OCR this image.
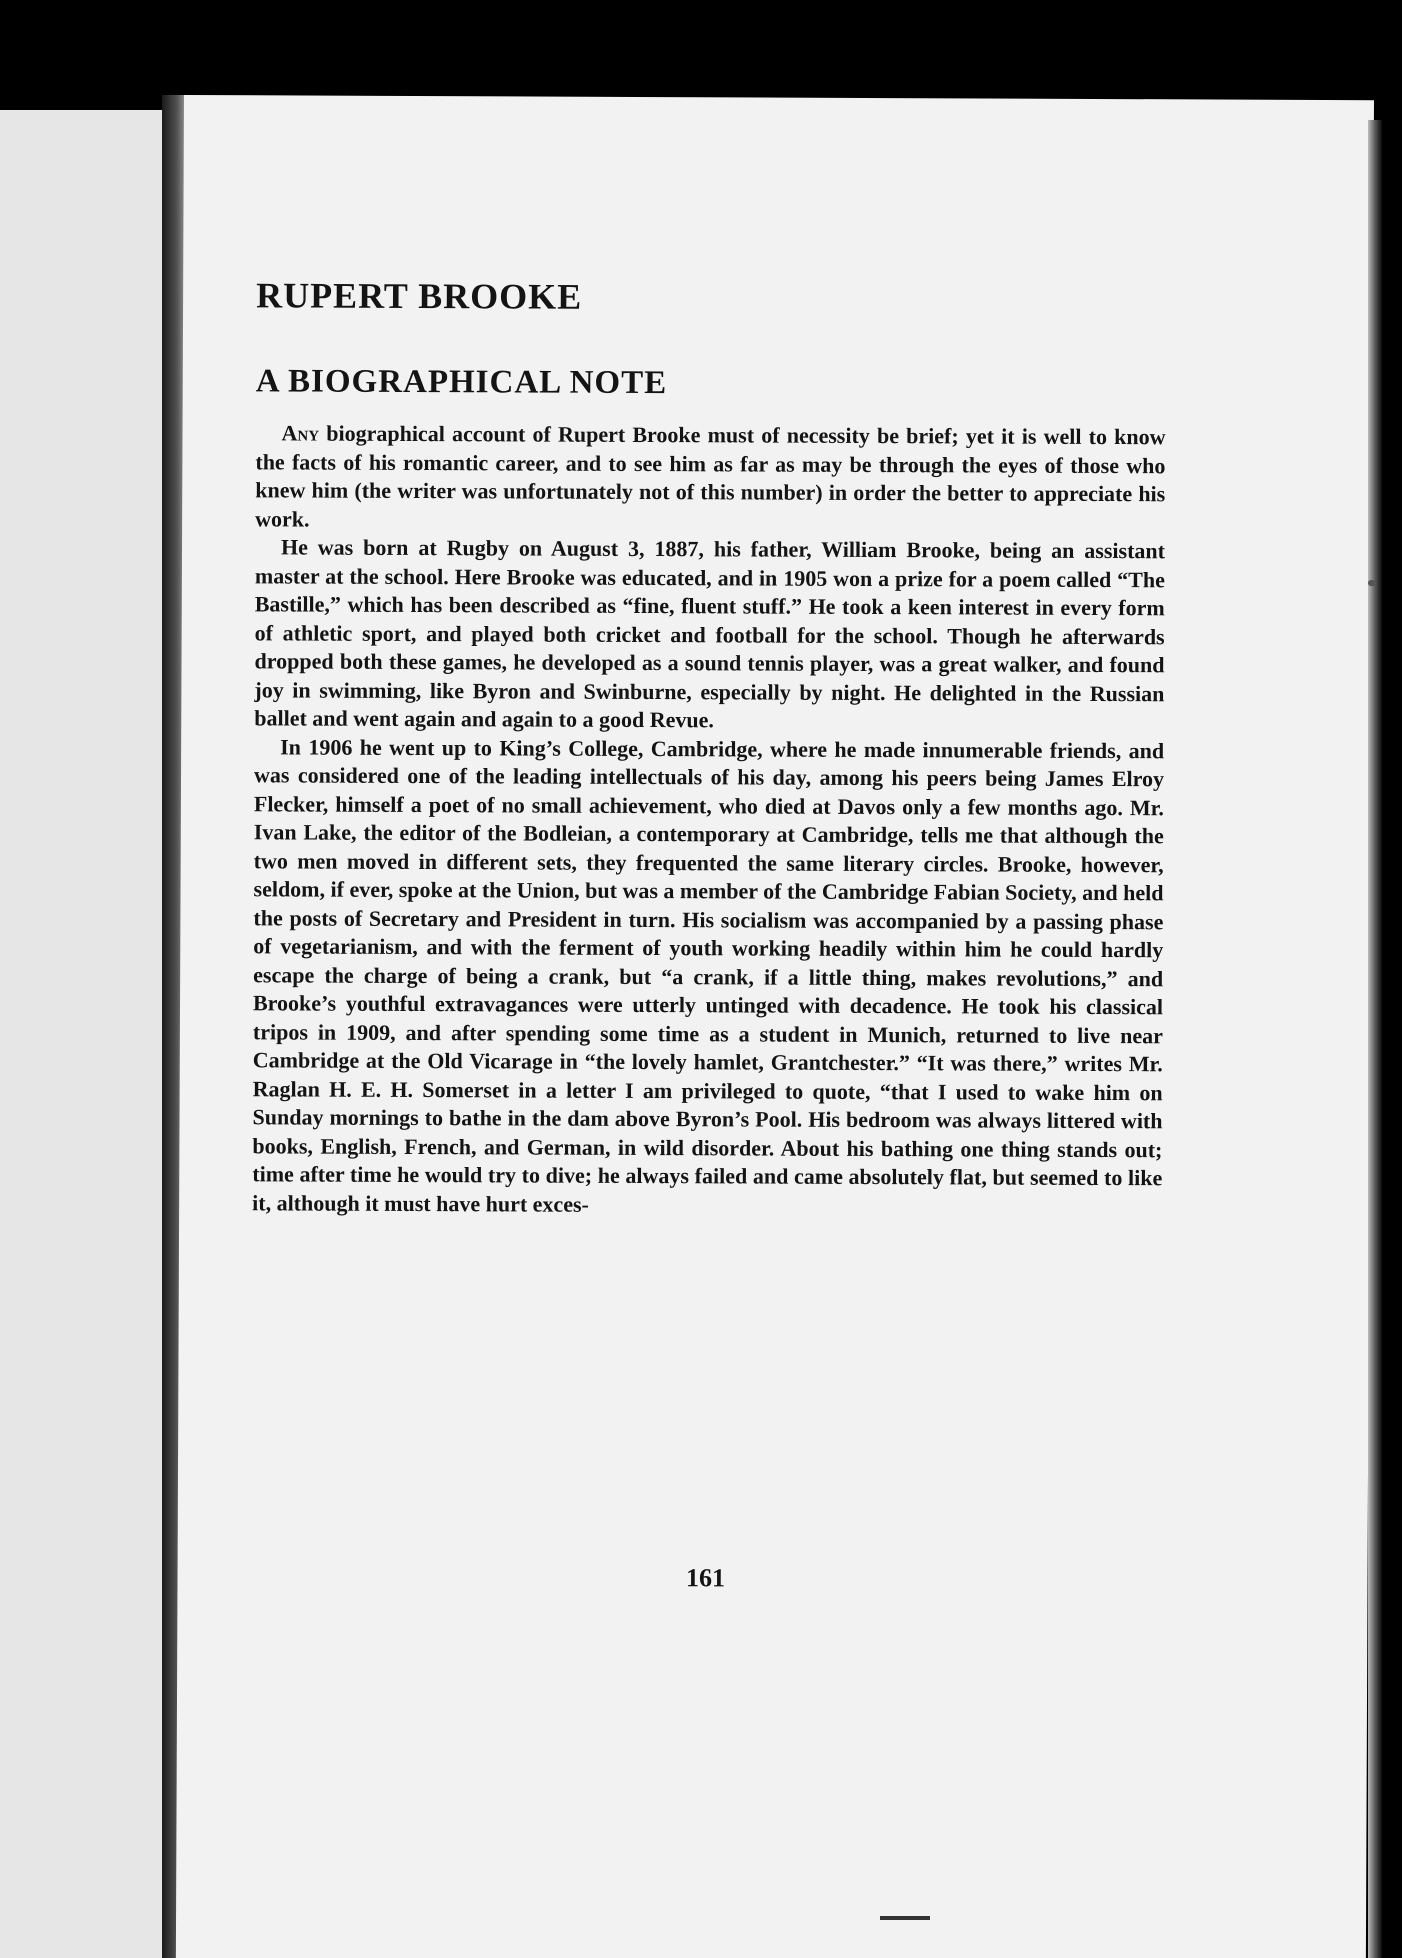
RUPERT BROOKE
A BIOGRAPHICAL NOTE

Any biographical account of Rupert Brooke must of necessity be brief; yet it is well to know the facts of his romantic career, and to see him as far as may be through the eyes of those who knew him (the writer was unfortunately not of this number) in order the better to appreciate his work.

He was born at Rugby on August 3, 1887, his father, William Brooke, being an assistant master at the school. Here Brooke was educated, and in 1905 won a prize for a poem called “The Bastille,” which has been described as “fine, fluent stuff.” He took a keen interest in every form of athletic sport, and played both cricket and football for the school. Though he afterwards dropped both these games, he developed as a sound tennis player, was a great walker, and found joy in swimming, like Byron and Swinburne, especially by night. He delighted in the Russian ballet and went again and again to a good Revue.

In 1906 he went up to King’s College, Cambridge, where he made innumerable friends, and was considered one of the leading intellectuals of his day, among his peers being James Elroy Flecker, himself a poet of no small achievement, who died at Davos only a few months ago. Mr. Ivan Lake, the editor of the Bodleian, a contemporary at Cambridge, tells me that although the two men moved in different sets, they frequented the same literary circles. Brooke, however, seldom, if ever, spoke at the Union, but was a member of the Cambridge Fabian Society, and held the posts of Secretary and President in turn. His socialism was accompanied by a passing phase of vegetarianism, and with the ferment of youth working headily within him he could hardly escape the charge of being a crank, but “a crank, if a little thing, makes revolutions,” and Brooke’s youthful extravagances were utterly untinged with decadence. He took his classical tripos in 1909, and after spending some time as a student in Munich, returned to live near Cambridge at the Old Vicarage in “the lovely hamlet, Grantchester.” “It was there,” writes Mr. Raglan H. E. H. Somerset in a letter I am privileged to quote, “that I used to wake him on Sunday mornings to bathe in the dam above Byron’s Pool. His bedroom was always littered with books, English, French, and German, in wild disorder. About his bathing one thing stands out; time after time he would try to dive; he always failed and came absolutely flat, but seemed to like it, although it must have hurt exces-

161
